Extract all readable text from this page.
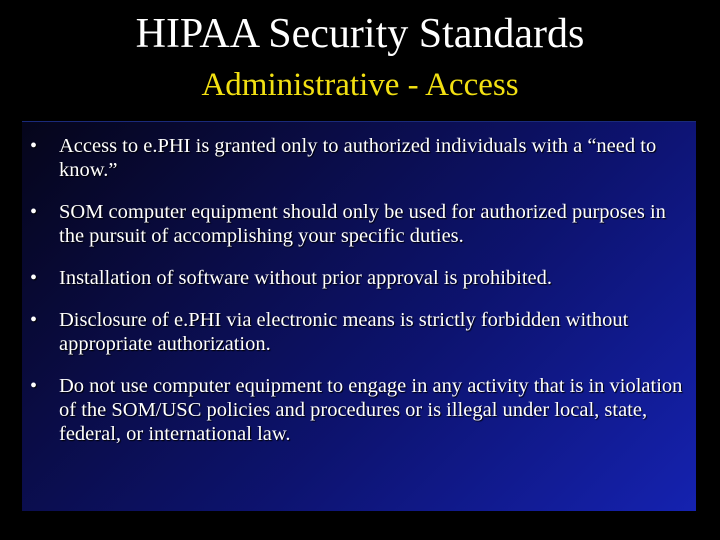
HIPAA Security Standards
Administrative - Access
•	Access to e.PHI is granted only to authorized individuals with a “need to know.”
•	SOM computer equipment should only be used for authorized purposes in the pursuit of accomplishing your specific duties.
•	Installation of software without prior approval is prohibited.
•	Disclosure of e.PHI via electronic means is strictly forbidden without appropriate authorization.
•	Do not use computer equipment to engage in any activity that is in violation of the SOM/USC policies and procedures or is illegal under local, state, federal, or international law.
